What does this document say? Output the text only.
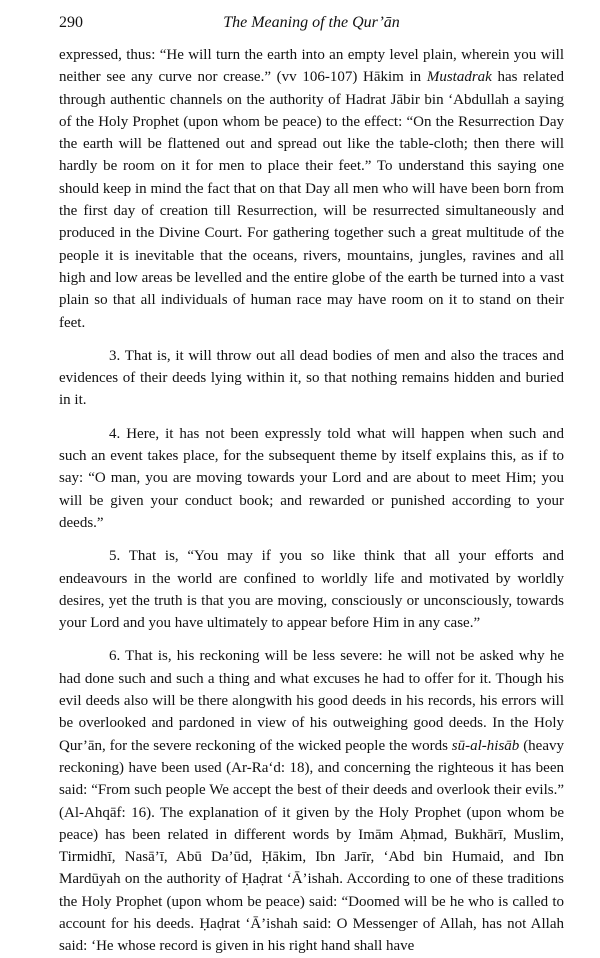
290	The Meaning of the Qur’ān

expressed, thus: “He will turn the earth into an empty level plain, wherein you will neither see any curve nor crease.” (vv 106-107) Hākim in Mustadrak has related through authentic channels on the authority of Hadrat Jābir bin ‘Abdullah a saying of the Holy Prophet (upon whom be peace) to the effect: “On the Resurrection Day the earth will be flattened out and spread out like the table-cloth; then there will hardly be room on it for men to place their feet.” To understand this saying one should keep in mind the fact that on that Day all men who will have been born from the first day of creation till Resurrection, will be resurrected simultaneously and produced in the Divine Court. For gathering together such a great multitude of the people it is inevitable that the oceans, rivers, mountains, jungles, ravines and all high and low areas be levelled and the entire globe of the earth be turned into a vast plain so that all individuals of human race may have room on it to stand on their feet.

3. That is, it will throw out all dead bodies of men and also the traces and evidences of their deeds lying within it, so that nothing remains hidden and buried in it.

4. Here, it has not been expressly told what will happen when such and such an event takes place, for the subsequent theme by itself explains this, as if to say: “O man, you are moving towards your Lord and are about to meet Him; you will be given your conduct book; and rewarded or punished according to your deeds.”

5. That is, “You may if you so like think that all your efforts and endeavours in the world are confined to worldly life and motivated by worldly desires, yet the truth is that you are moving, consciously or unconsciously, towards your Lord and you have ultimately to appear before Him in any case.”

6. That is, his reckoning will be less severe: he will not be asked why he had done such and such a thing and what excuses he had to offer for it. Though his evil deeds also will be there alongwith his good deeds in his records, his errors will be overlooked and pardoned in view of his outweighing good deeds. In the Holy Qur’ān, for the severe reckoning of the wicked people the words sū-al-hisāb (heavy reckoning) have been used (Ar-Ra‘d: 18), and concerning the righteous it has been said: “From such people We accept the best of their deeds and overlook their evils.” (Al-Ahqāf: 16). The explanation of it given by the Holy Prophet (upon whom be peace) has been related in different words by Imām Aḥmad, Bukhārī, Muslim, Tirmidhī, Nasā’ī, Abū Da’ūd, Ḥākim, Ibn Jarīr, ‘Abd bin Humaid, and Ibn Mardūyah on the authority of Ḥaḍrat ‘Ā’ishah. According to one of these traditions the Holy Prophet (upon whom be peace) said: “Doomed will be he who is called to account for his deeds. Ḥaḍrat ‘Ā’ishah said: O Messenger of Allah, has not Allah said: ‘He whose record is given in his right hand shall have
